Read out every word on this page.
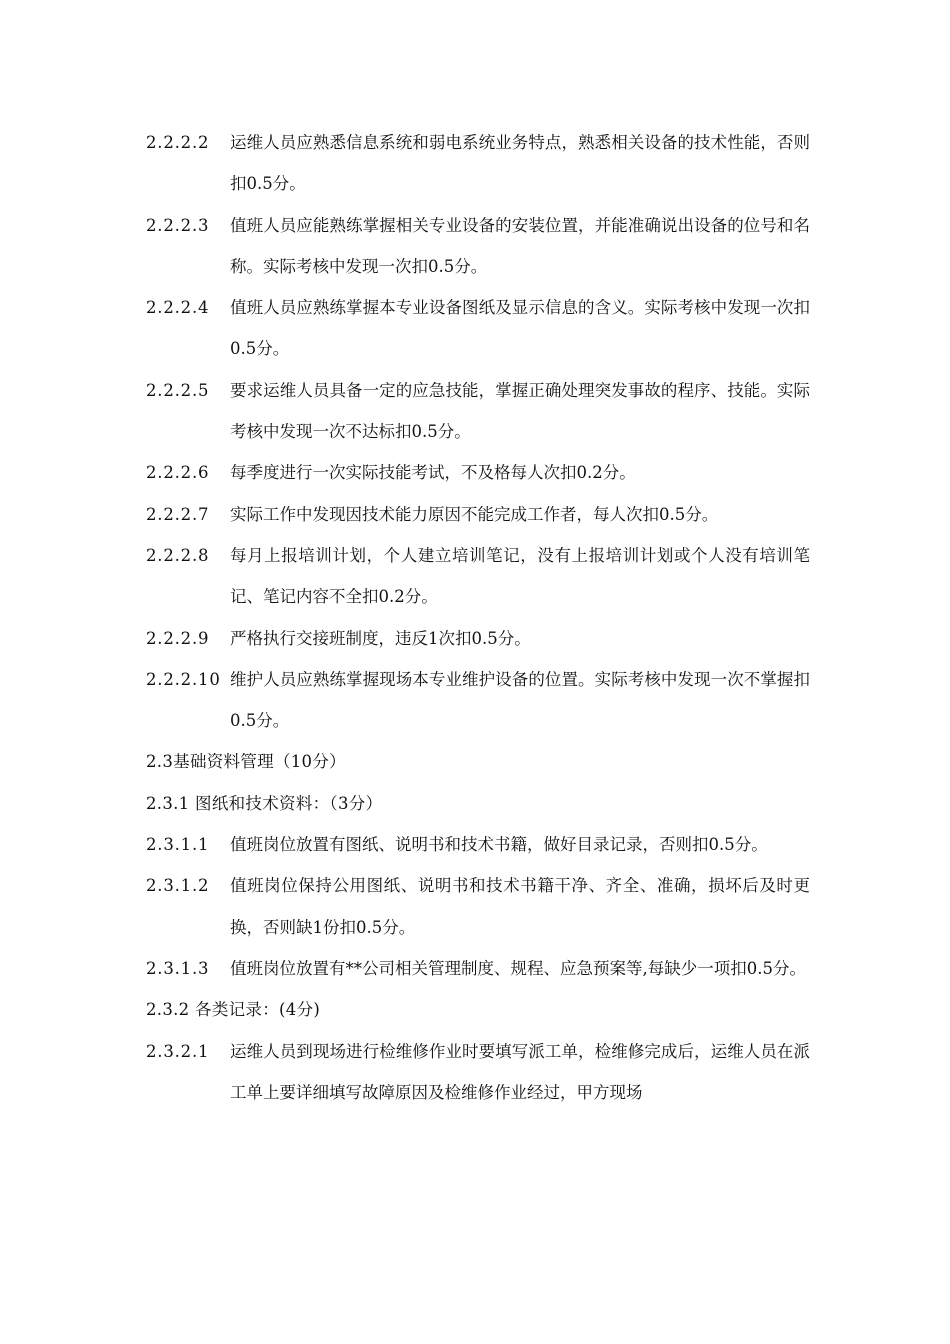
2.2.2.2 运维人员应熟悉信息系统和弱电系统业务特点，熟悉相关设备的技术性能，否则扣0.5分。
2.2.2.3 值班人员应能熟练掌握相关专业设备的安装位置，并能准确说出设备的位号和名称。实际考核中发现一次扣0.5分。
2.2.2.4 值班人员应熟练掌握本专业设备图纸及显示信息的含义。实际考核中发现一次扣0.5分。
2.2.2.5 要求运维人员具备一定的应急技能，掌握正确处理突发事故的程序、技能。实际考核中发现一次不达标扣0.5分。
2.2.2.6 每季度进行一次实际技能考试，不及格每人次扣0.2分。
2.2.2.7 实际工作中发现因技术能力原因不能完成工作者，每人次扣0.5分。
2.2.2.8 每月上报培训计划，个人建立培训笔记，没有上报培训计划或个人没有培训笔记、笔记内容不全扣0.2分。
2.2.2.9 严格执行交接班制度，违反1次扣0.5分。
2.2.2.10 维护人员应熟练掌握现场本专业维护设备的位置。实际考核中发现一次不掌握扣0.5分。
2.3基础资料管理（10分）
2.3.1 图纸和技术资料：（3分）
2.3.1.1 值班岗位放置有图纸、说明书和技术书籍，做好目录记录，否则扣0.5分。
2.3.1.2 值班岗位保持公用图纸、说明书和技术书籍干净、齐全、准确，损坏后及时更换，否则缺1份扣0.5分。
2.3.1.3 值班岗位放置有**公司相关管理制度、规程、应急预案等,每缺少一项扣0.5分。
2.3.2 各类记录：(4分)
2.3.2.1 运维人员到现场进行检维修作业时要填写派工单，检维修完成后，运维人员在派工单上要详细填写故障原因及检维修作业经过，甲方现场
